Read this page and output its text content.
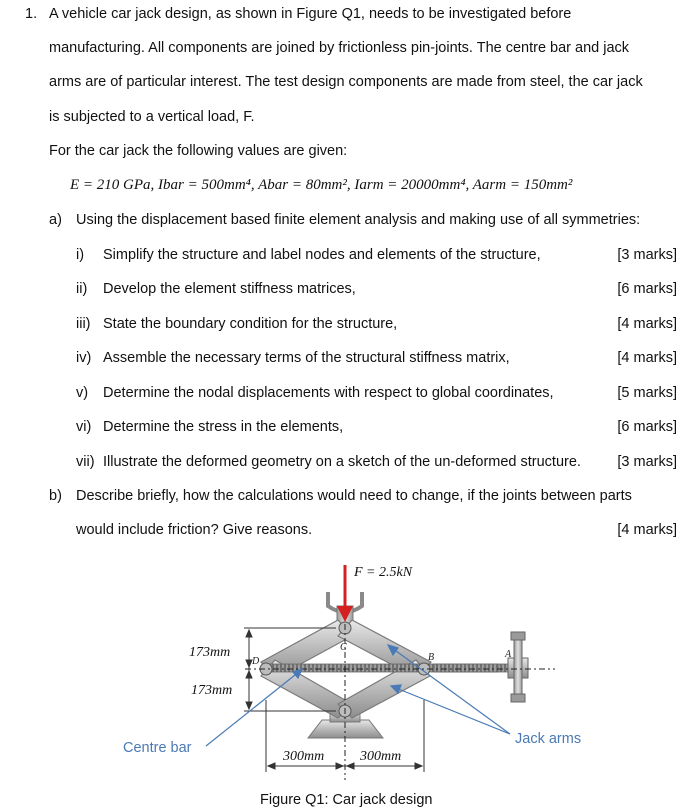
1. A vehicle car jack design, as shown in Figure Q1, needs to be investigated before
manufacturing. All components are joined by frictionless pin-joints. The centre bar and jack
arms are of particular interest. The test design components are made from steel, the car jack
is subjected to a vertical load, F.
For the car jack the following values are given:
E = 210 GPa, Ibar = 500mm⁴, Abar = 80mm², Iarm = 20000mm⁴, Aarm = 150mm²
a) Using the displacement based finite element analysis and making use of all symmetries:
i) Simplify the structure and label nodes and elements of the structure,	[3 marks]
ii) Develop the element stiffness matrices,	[6 marks]
iii) State the boundary condition for the structure,	[4 marks]
iv) Assemble the necessary terms of the structural stiffness matrix,	[4 marks]
v) Determine the nodal displacements with respect to global coordinates,	[5 marks]
vi) Determine the stress in the elements,	[6 marks]
vii) Illustrate the deformed geometry on a sketch of the un-deformed structure.	[3 marks]
b) Describe briefly, how the calculations would need to change, if the joints between parts
would include friction? Give reasons.	[4 marks]
F = 2.5kN
173mm
173mm
300mm	300mm
A
B
C
D
Centre bar
Jack arms
Figure Q1: Car jack design
